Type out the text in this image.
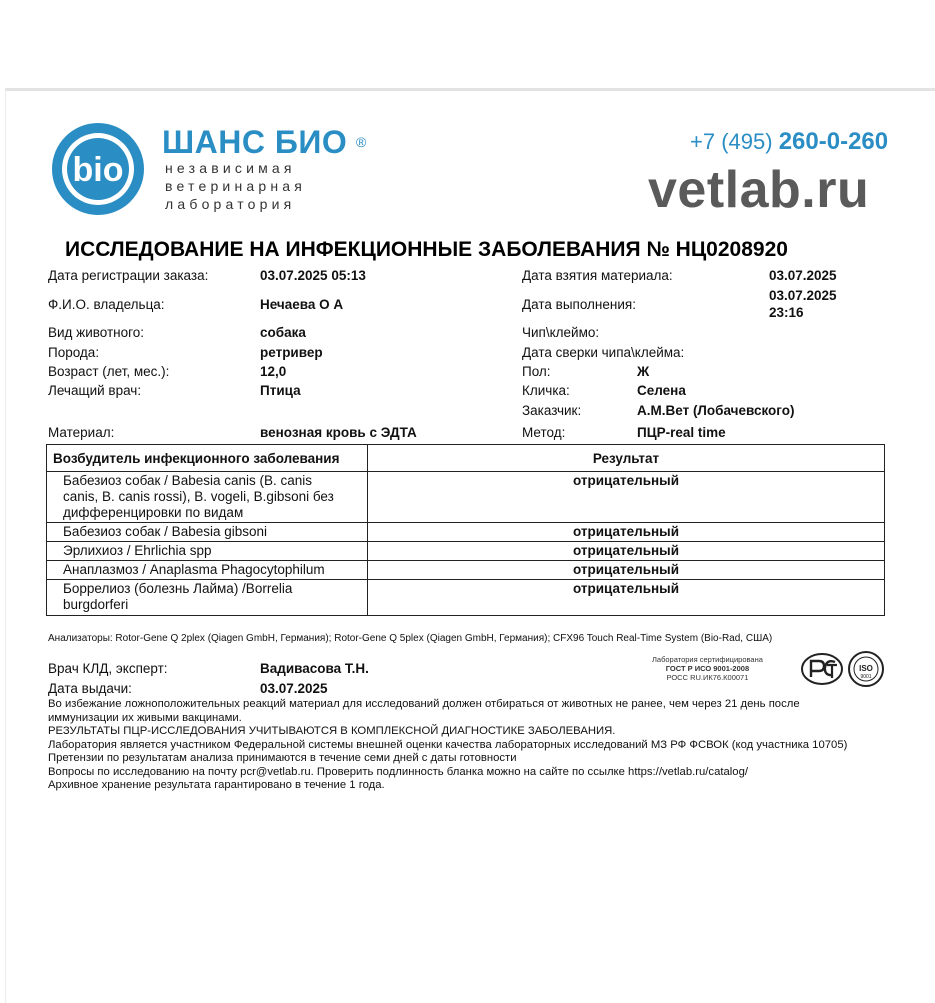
bio
ШАНС БИО ®
независимая
ветеринарная
лаборатория
+7 (495) 260-0-260
vetlab.ru
ИССЛЕДОВАНИЕ НА ИНФЕКЦИОННЫЕ ЗАБОЛЕВАНИЯ № НЦ0208920
Дата регистрации заказа:	03.07.2025 05:13
Ф.И.О. владельца:	Нечаева О А
Вид животного:	собака
Порода:	ретривер
Возраст (лет, мес.):	12,0
Лечащий врач:	Птица
Материал:	венозная кровь с ЭДТА
Дата взятия материала:	03.07.2025
Дата выполнения:
03.07.2025
23:16
Чип\клеймо:
Дата сверки чипа\клейма:
Пол:	Ж
Кличка:	Селена
Заказчик:	А.М.Вет (Лобачевского)
Метод:	ПЦР-real time
Возбудитель инфекционного заболевания	Результат

Бабезиоз собак / Babesia canis (B. canis
canis, B. canis rossi), B. vogeli, B.gibsoni без
дифференцировки по видам	отрицательный
Бабезиоз собак / Babesia gibsoni	отрицательный
Эрлихиоз / Ehrlichia spp	отрицательный
Анаплазмоз / Anaplasma Phagocytophilum	отрицательный

Боррелиоз (болезнь Лайма) /Borrelia
burgdorferi	отрицательный
Анализаторы: Rotor-Gene Q 2plex (Qiagen GmbH, Германия); Rotor-Gene Q 5plex (Qiagen GmbH, Германия); CFX96 Touch Real-Time System (Bio-Rad, США)
Врач КЛД, эксперт:	Вадивасова Т.Н.
Дата выдачи:	03.07.2025
Лаборатория сертифицирована
ГОСТ Р ИСО 9001-2008
РОСС RU.ИК76.К00071
ISO
9001
Во избежание ложноположительных реакций материал для исследований должен отбираться от животных не ранее, чем через 21 день после
иммунизации их живыми вакцинами.
РЕЗУЛЬТАТЫ ПЦР-ИССЛЕДОВАНИЯ УЧИТЫВАЮТСЯ В КОМПЛЕКСНОЙ ДИАГНОСТИКЕ ЗАБОЛЕВАНИЯ.
Лаборатория является участником Федеральной системы внешней оценки качества лабораторных исследований МЗ РФ ФСВОК (код участника 10705)
Претензии по результатам анализа принимаются в течение семи дней с даты готовности
Вопросы по исследованию на почту pcr@vetlab.ru. Проверить подлинность бланка можно на сайте по ссылке https://vetlab.ru/catalog/
Архивное хранение результата гарантировано в течение 1 года.
